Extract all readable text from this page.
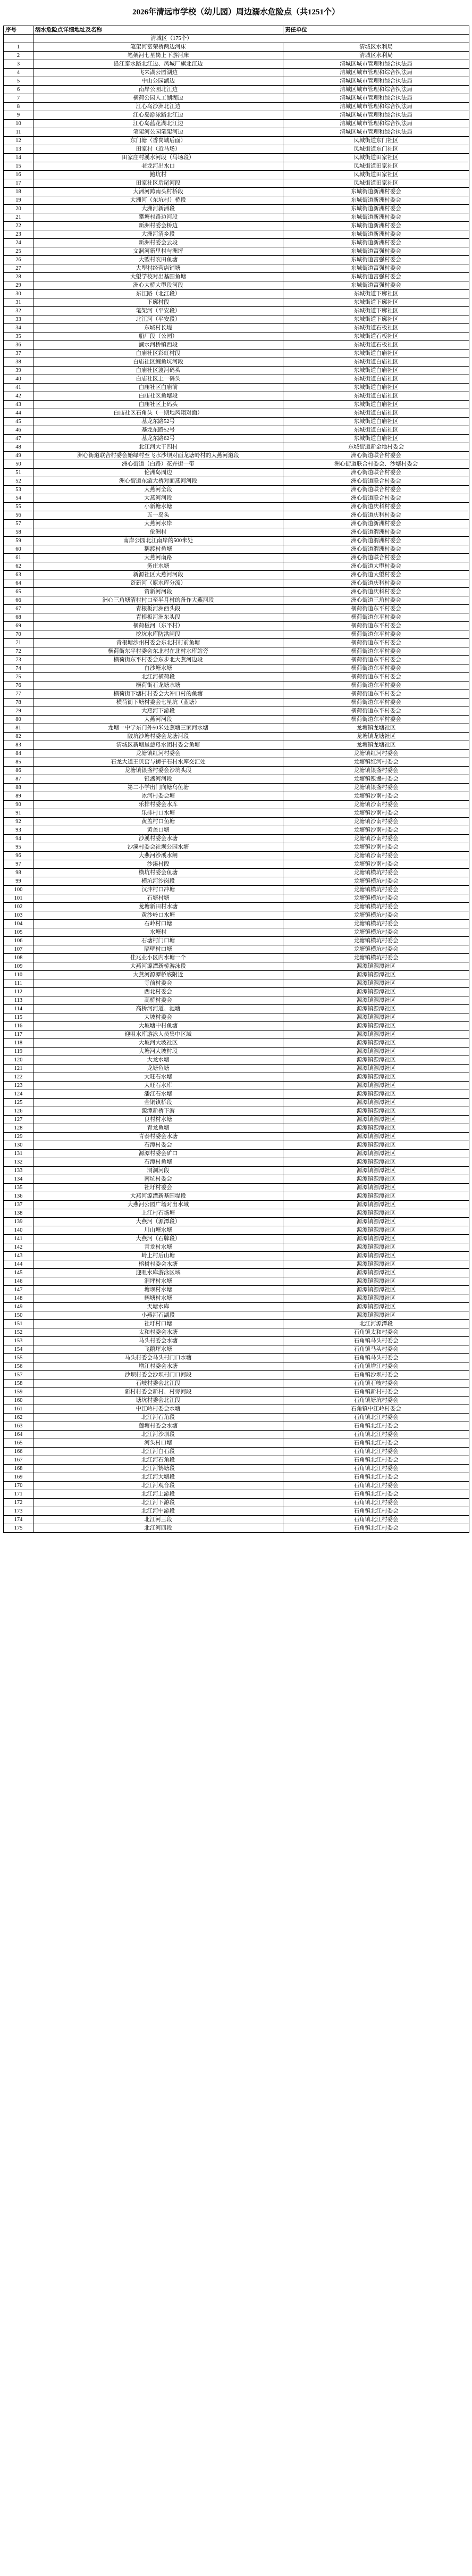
2026年清远市学校（幼儿园）周边溺水危险点（共1251个）
序号	溺水危险点详细地址及名称	责任单位
	清城区（175个）	
1	笔架河富荣桥两边河床	清城区水利局
2	笔架河七星岗上下游河床	清城区水利局
3	沿江泰水路北江边、凤城厂旗北江边	清城区城市管理和综合执法局
4	飞来湖公园湖边	清城区城市管理和综合执法局
5	中山公园湖边	清城区城市管理和综合执法局
6	南岸公园北江边	清城区城市管理和综合执法局
7	横荷公园人工湖湖边	清城区城市管理和综合执法局
8	江心岛沙洲北江边	清城区城市管理和综合执法局
9	江心岛游泳路北江边	清城区城市管理和综合执法局
10	江心岛蓝花湖北江边	清城区城市管理和综合执法局
11	笔架河公园笔架河边	清城区城市管理和综合执法局
12	东门塘（香岗城后面）	凤城街道东门社区
13	田家村（近马场）	凤城街道东门社区
14	田家庄村溪水河段（马场段）	凤城街道田家社区
15	老龙河出水口	凤城街道田家社区
16	鲍坑村	凤城街道田家社区
17	田家社区后尾河段	凤城街道田家社区
18	大洲河跨南头村桥段	东城街道新洲村委会
19	大洲河（东坑村）桥段	东城街道新洲村委会
20	大洲河新洲段	东城街道新洲村委会
21	攀塘村路边河段	东城街道新洲村委会
22	新洲村委会桥边	东城街道新洲村委会
23	大洲河清乡段	东城街道新洲村委会
24	新洲村委会云段	东城街道新洲村委会
25	文洞河新里村与洲坪	东城街道富强村委会
26	大塱村农田鱼塘	东城街道富强村委会
27	大塱村经营店铺塘	东城街道富强村委会
28	大塱学校对出基围鱼塘	东城街道富强村委会
29	洲心大桥大塱段河段	东城街道富强村委会
30	东江路（北江段）	东城街道下廓社区
31	下廓村段	东城街道下廓社区
32	笔架河（平安段）	东城街道下廓社区
33	北江河（平安段）	东城街道下廓社区
34	东城村长堤	东城街道石板社区
35	船厂段（公园）	东城街道石板社区
36	澜水河桥镇西段	东城街道石板社区
37	白庙社区彩虹村段	东城街道白庙社区
38	白庙社区鲤鱼坑河段	东城街道白庙社区
39	白庙社区渡河码头	东城街道白庙社区
40	白庙社区上一码头	东城街道白庙社区
41	白庙社区白庙前	东城街道白庙社区
42	白庙社区鱼塘段	东城街道白庙社区
43	白庙社区上码头	东城街道白庙社区
44	白庙社区石角头（一期地风翔对面）	东城街道白庙社区
45	基龙东路52号	东城街道白庙社区
46	基龙东路52号	东城街道白庙社区
47	基龙东路62号	东城街道白庙社区
48	北江河大干四村	东城街道新金地村委会
49	洲心街道联合村委会始绿村至飞水沙坝对面龙塘岭村的大燕河道段	洲心街道联合村委会
50	洲心街道（白路）花卉街一带	洲心街道联合村委会、沙塘村委会
51	伦洲岛周边	洲心街道联合村委会
52	洲心街道东漩大桥对面燕河河段	洲心街道联合村委会
53	大燕河全段	洲心街道联合村委会
54	大燕河河段	洲心街道联合村委会
55	小新塘水塘	洲心街道庆科村委会
56	五一岛头	洲心街道庆科村委会
57	大燕河水岸	洲心街道新洲村委会
58	伦洲村	洲心街道渭洲村委会
59	南岸公园北江南岸的500米处	洲心街道渭洲村委会
60	鹅渡村鱼塘	洲心街道渭洲村委会
61	大燕河南路	洲心街道联合村委会
62	务庄水塘	洲心街道大塱村委会
63	新源社区大燕河河段	洲心街道大塱村委会
64	资新河（原水库分流）	洲心街道庆科村委会
65	资新河河段	洲心街道庆科村委会
66	洲心三角塘清村村口至半月村的备作大燕河段	洲心街道三角村委会
67	青根板河洲西头段	横荷街道东平村委会
68	青根板河洲东头段	横荷街道东平村委会
69	横荷板河（东平村）	横荷街道东平村委会
70	挖坑水库防洪闸段	横荷街道东平村委会
71	青根塘沙州村委会东北村村前鱼塘	横荷街道东平村委会
72	横荷街东平村委会东北村在北村水库站旁	横荷街道东平村委会
73	横荷街东平村委会东步北大燕河边段	横荷街道东平村委会
74	白沙塘水塘	横荷街道东平村委会
75	北江河横荷段	横荷街道东平村委会
76	横荷街石龙塘水塘	横荷街道东平村委会
77	横荷街下塘村村委会大冲口村的鱼塘	横荷街道东平村委会
78	横荷街下塘村委会七星坑（蓝塘）	横荷街道东平村委会
79	大燕河下游段	横荷街道东平村委会
80	大燕河河段	横荷街道东平村委会
81	龙塘一中学东门外50米处燕塘三家河水塘	龙塘镇龙塘社区
82	陂坑沙塘村委会龙塘河段	龙塘镇龙塘社区
83	清城区新塘垦慈母水团村委会鱼塘	龙塘镇龙塘社区
84	龙塘镇红河村委会	龙塘镇红河村委会
85	石龙大道王贝窑与狮子石村水库交汇处	龙塘镇红河村委会
86	龙塘镇银盏村委会沙坑头段	龙塘镇银盏村委会
87	银盏河河段	龙塘镇银盏村委会
88	第二小学出门向塘乌鱼塘	龙塘镇银盏村委会
89	冰河村委会塘	龙塘镇沙南村委会
90	乐排村委会水库	龙塘镇沙南村委会
91	乐排村口水塘	龙塘镇沙南村委会
92	黄盖村口鱼塘	龙塘镇沙南村委会
93	黄盖口塘	龙塘镇沙南村委会
94	沙溪村委会水塘	龙塘镇沙南村委会
95	沙溪村委会社坝公园水塘	龙塘镇沙南村委会
96	大燕河沙溪水闸	龙塘镇沙南村委会
97	沙溪村段	龙塘镇沙南村委会
98	横坑村委会鱼塘	龙塘镇横坑村委会
99	横坑河沙岗段	龙塘镇横坑村委会
100	汉沖村口冲塘	龙塘镇横坑村委会
101	石塘村塘	龙塘镇横坑村委会
102	龙塘新田村水塘	龙塘镇横坑村委会
103	黄沙岭口水塘	龙塘镇横坑村委会
104	石岭村口塘	龙塘镇横坑村委会
105	水塘村	龙塘镇横坑村委会
106	石塘村门口塘	龙塘镇横坑村委会
107	隔壁村口塘	龙塘镇横坑村委会
108	佳兆业小区内水塘一个	龙塘镇横坑村委会
109	大燕河源潭新桥游泳段	源潭镇源潭社区
110	大燕河源潭桥底附近	源潭镇源潭社区
111	寺前村委会	源潭镇源潭社区
112	西北村委会	源潭镇源潭社区
113	高桥村委会	源潭镇源潭社区
114	高桥河河道、池塘	源潭镇源潭社区
115	大坡村委会	源潭镇源潭社区
116	大坡塘中村鱼塘	源潭镇源潭社区
117	迎咀水库游泳人员集中区域	源潭镇源潭社区
118	大坡河大坡社区	源潭镇源潭社区
119	大塘河大坡村段	源潭镇源潭社区
120	大龙水塘	源潭镇源潭社区
121	龙塘鱼塘	源潭镇源潭社区
122	大旺石水塘	源潭镇源潭社区
123	大旺石水库	源潭镇源潭社区
124	潘江石水塘	源潭镇源潭社区
125	金铜镇桥段	源潭镇源潭社区
126	源潭新桥下游	源潭镇源潭社区
127	良村村水塘	源潭镇源潭社区
128	青龙鱼塘	源潭镇源潭社区
129	青泰村委会水塘	源潭镇源潭社区
130	石潭村委会	源潭镇源潭社区
131	源潭村委会矿口	源潭镇源潭社区
132	石潭村鱼塘	源潭镇源潭社区
133	洞洞河段	源潭镇源潭社区
134	南坑村委会	源潭镇源潭社区
135	社圩村委会	源潭镇源潭社区
136	大燕河源潭新基围堤段	源潭镇源潭社区
137	大燕河公园广场对出水域	源潭镇源潭社区
138	上江村石场塘	源潭镇源潭社区
139	大燕河（源潭段）	源潭镇源潭社区
140	川山塘水塘	源潭镇源潭社区
141	大燕河（石牌段）	源潭镇源潭社区
142	青龙村水塘	源潭镇源潭社区
143	岭上村后山塘	源潭镇源潭社区
144	榕树村委会水塘	源潭镇源潭社区
145	迎咀水库游泳区域	源潭镇源潭社区
146	洞坪村水塘	源潭镇源潭社区
147	塘坝村水塘	源潭镇源潭社区
148	鹤塘村水塘	源潭镇源潭社区
149	天塘水库	源潭镇源潭社区
150	小燕河石湖段	源潭镇源潭社区
151	社圩村口塘	北江河源潭段
152	太和村委会水塘	石角镇太和村委会
153	马头村委会水塘	石角镇马头村委会
154	飞鹅坪水塘	石角镇马头村委会
155	马头村委会马头村门口水塘	石角镇马头村委会
156	增江村委会水塘	石角镇增江村委会
157	沙坝村委会沙坝村门口河段	石角镇沙坝村委会
158	石岐村委会北江段	石角镇石岐村委会
159	新村村委会新村、村旁河段	石角镇新村村委会
160	塘坑村委会北江段	石角镇塘坑村委会
161	中江岭村委会水塘	石角镇中江岭村委会
162	北江河石角段	石角镇北江村委会
163	莲塘村委会水塘	石角镇北江村委会
164	北江河沙坝段	石角镇北江村委会
165	河头村口塘	石角镇北江村委会
166	北江河白石段	石角镇北江村委会
167	北江河石角段	石角镇北江村委会
168	北江河鹤塘段	石角镇北江村委会
169	北江河大塘段	石角镇北江村委会
170	北江河观音段	石角镇北江村委会
171	北江河上游段	石角镇北江村委会
172	北江河下游段	石角镇北江村委会
173	北江河中游段	石角镇北江村委会
174	北江河三段	石角镇北江村委会
175	北江河四段	石角镇北江村委会
